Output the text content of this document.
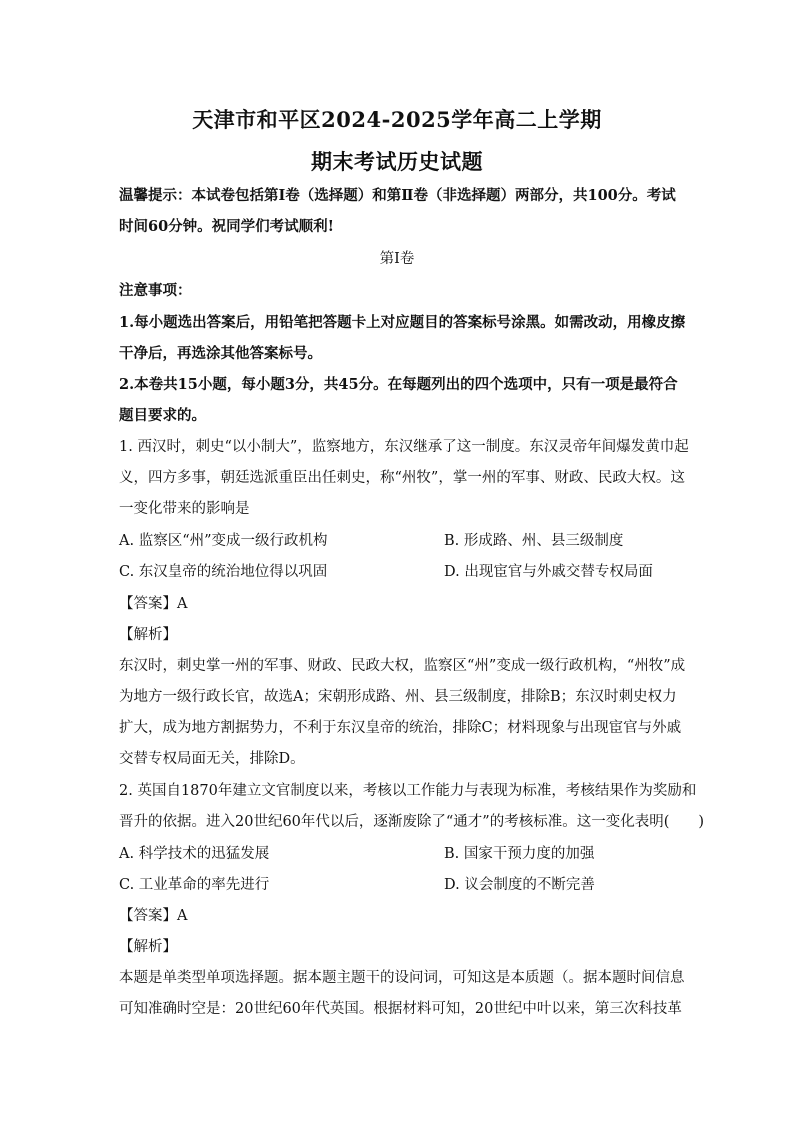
天津市和平区2024-2025学年高二上学期
期末考试历史试题
温馨提示：本试卷包括第Ⅰ卷（选择题）和第Ⅱ卷（非选择题）两部分，共100分。考试
时间60分钟。祝同学们考试顺利!
第Ⅰ卷
注意事项：
1.每小题选出答案后，用铅笔把答题卡上对应题目的答案标号涂黑。如需改动，用橡皮擦
干净后，再选涂其他答案标号。
2.本卷共15小题，每小题3分，共45分。在每题列出的四个选项中，只有一项是最符合
题目要求的。
1. 西汉时，刺史“以小制大”，监察地方，东汉继承了这一制度。东汉灵帝年间爆发黄巾起
义，四方多事，朝廷选派重臣出任刺史，称“州牧”，掌一州的军事、财政、民政大权。这
一变化带来的影响是
A. 监察区“州”变成一级行政机构	B. 形成路、州、县三级制度
C. 东汉皇帝的统治地位得以巩固	D. 出现宦官与外戚交替专权局面
【答案】A
【解析】
东汉时，刺史掌一州的军事、财政、民政大权，监察区“州”变成一级行政机构，“州牧”成
为地方一级行政长官，故选A；宋朝形成路、州、县三级制度，排除B；东汉时刺史权力
扩大，成为地方割据势力，不利于东汉皇帝的统治，排除C；材料现象与出现宦官与外戚
交替专权局面无关，排除D。
2. 英国自1870年建立文官制度以来，考核以工作能力与表现为标准，考核结果作为奖励和
晋升的依据。进入20世纪60年代以后，逐渐废除了“通才”的考核标准。这一变化表明(　　)
A. 科学技术的迅猛发展	B. 国家干预力度的加强
C. 工业革命的率先进行	D. 议会制度的不断完善
【答案】A
【解析】
本题是单类型单项选择题。据本题主题干的设问词，可知这是本质题（。据本题时间信息
可知准确时空是：20世纪60年代英国。根据材料可知，20世纪中叶以来，第三次科技革
